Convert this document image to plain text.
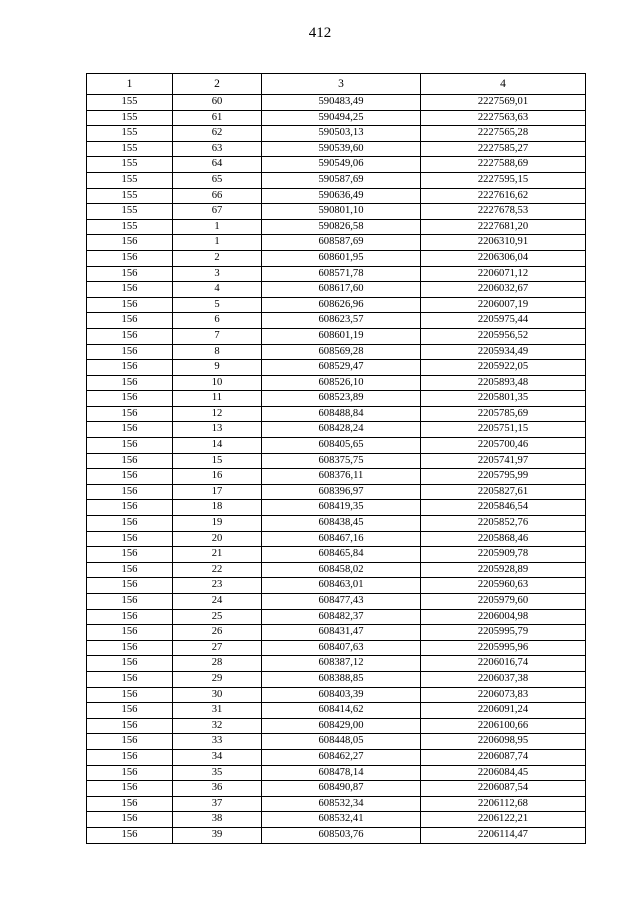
412
1	2	3	4
155	60	590483,49	2227569,01
155	61	590494,25	2227563,63
155	62	590503,13	2227565,28
155	63	590539,60	2227585,27
155	64	590549,06	2227588,69
155	65	590587,69	2227595,15
155	66	590636,49	2227616,62
155	67	590801,10	2227678,53
155	1	590826,58	2227681,20
156	1	608587,69	2206310,91
156	2	608601,95	2206306,04
156	3	608571,78	2206071,12
156	4	608617,60	2206032,67
156	5	608626,96	2206007,19
156	6	608623,57	2205975,44
156	7	608601,19	2205956,52
156	8	608569,28	2205934,49
156	9	608529,47	2205922,05
156	10	608526,10	2205893,48
156	11	608523,89	2205801,35
156	12	608488,84	2205785,69
156	13	608428,24	2205751,15
156	14	608405,65	2205700,46
156	15	608375,75	2205741,97
156	16	608376,11	2205795,99
156	17	608396,97	2205827,61
156	18	608419,35	2205846,54
156	19	608438,45	2205852,76
156	20	608467,16	2205868,46
156	21	608465,84	2205909,78
156	22	608458,02	2205928,89
156	23	608463,01	2205960,63
156	24	608477,43	2205979,60
156	25	608482,37	2206004,98
156	26	608431,47	2205995,79
156	27	608407,63	2205995,96
156	28	608387,12	2206016,74
156	29	608388,85	2206037,38
156	30	608403,39	2206073,83
156	31	608414,62	2206091,24
156	32	608429,00	2206100,66
156	33	608448,05	2206098,95
156	34	608462,27	2206087,74
156	35	608478,14	2206084,45
156	36	608490,87	2206087,54
156	37	608532,34	2206112,68
156	38	608532,41	2206122,21
156	39	608503,76	2206114,47
